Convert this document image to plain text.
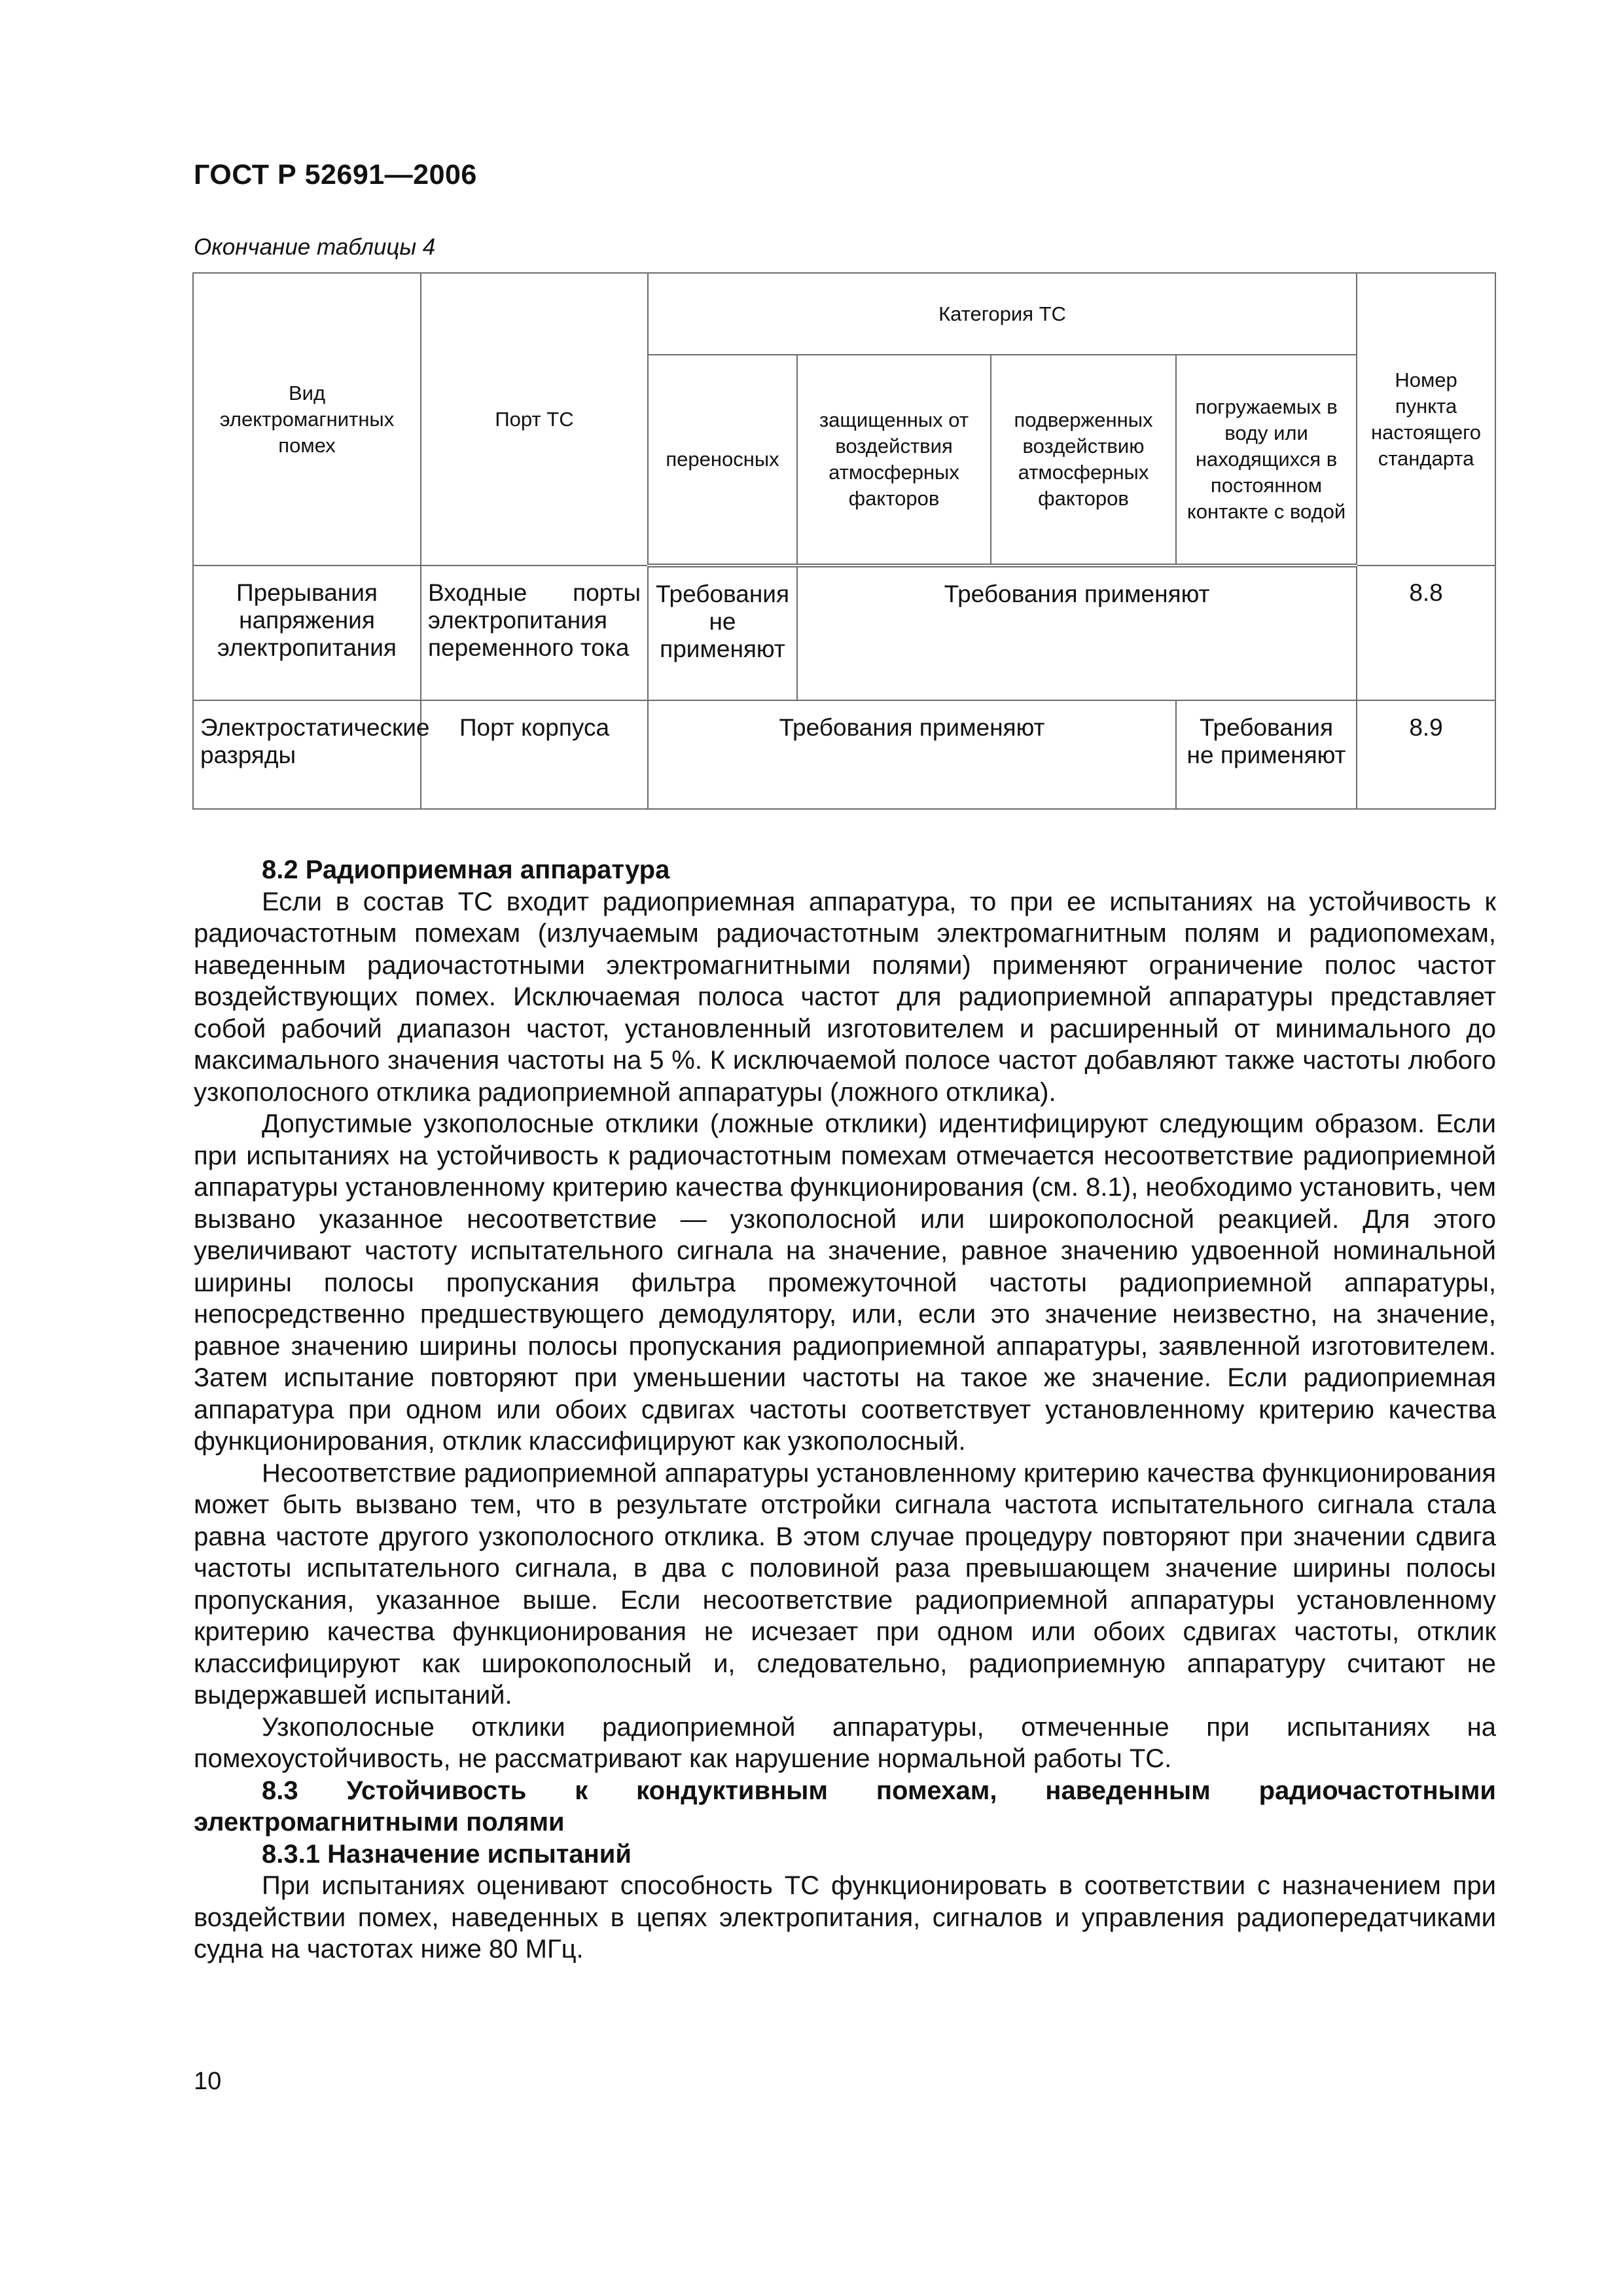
ГОСТ Р 52691—2006
Окончание таблицы 4
Вид электромагнитных помех	Порт ТС	Категория ТС				Номер пункта настоящего стандарта
		переносных	защищенных от воздействия атмосферных факторов	подверженных воздействию атмосферных факторов	погружаемых в воду или находящихся в постоянном контакте с водой	
Прерывания напряжения электропитания	Входные порты электропитания переменного тока	Требования не применяют	Требования применяют			8.8
Электростатические разряды	Порт корпуса	Требования применяют			Требования не применяют	8.9
8.2 Радиоприемная аппаратура

Если в состав ТС входит радиоприемная аппаратура, то при ее испытаниях на устойчивость к радиочастотным помехам (излучаемым радиочастотным электромагнитным полям и радиопомехам, наведенным радиочастотными электромагнитными полями) применяют ограничение полос частот воздействующих помех. Исключаемая полоса частот для радиоприемной аппаратуры представляет собой рабочий диапазон частот, установленный изготовителем и расширенный от минимального до максимального значения частоты на 5 %. К исключаемой полосе частот добавляют также частоты любого узкополосного отклика радиоприемной аппаратуры (ложного отклика).

Допустимые узкополосные отклики (ложные отклики) идентифицируют следующим образом. Если при испытаниях на устойчивость к радиочастотным помехам отмечается несоответствие радиоприемной аппаратуры установленному критерию качества функционирования (см. 8.1), необходимо установить, чем вызвано указанное несоответствие — узкополосной или широкополосной реакцией. Для этого увеличивают частоту испытательного сигнала на значение, равное значению удвоенной номинальной ширины полосы пропускания фильтра промежуточной частоты радиоприемной аппаратуры, непосредственно предшествующего демодулятору, или, если это значение неизвестно, на значение, равное значению ширины полосы пропускания радиоприемной аппаратуры, заявленной изготовителем. Затем испытание повторяют при уменьшении частоты на такое же значение. Если радиоприемная аппаратура при одном или обоих сдвигах частоты соответствует установленному критерию качества функционирования, отклик классифицируют как узкополосный.

Несоответствие радиоприемной аппаратуры установленному критерию качества функционирования может быть вызвано тем, что в результате отстройки сигнала частота испытательного сигнала стала равна частоте другого узкополосного отклика. В этом случае процедуру повторяют при значении сдвига частоты испытательного сигнала, в два с половиной раза превышающем значение ширины полосы пропускания, указанное выше. Если несоответствие радиоприемной аппаратуры установленному критерию качества функционирования не исчезает при одном или обоих сдвигах частоты, отклик классифицируют как широкополосный и, следовательно, радиоприемную аппаратуру считают не выдержавшей испытаний.

Узкополосные отклики радиоприемной аппаратуры, отмеченные при испытаниях на помехоустойчивость, не рассматривают как нарушение нормальной работы ТС.

8.3 Устойчивость к кондуктивным помехам, наведенным радиочастотными электромагнитными полями
8.3.1 Назначение испытаний

При испытаниях оценивают способность ТС функционировать в соответствии с назначением при воздействии помех, наведенных в цепях электропитания, сигналов и управления радиопередатчиками судна на частотах ниже 80 МГц.

10
